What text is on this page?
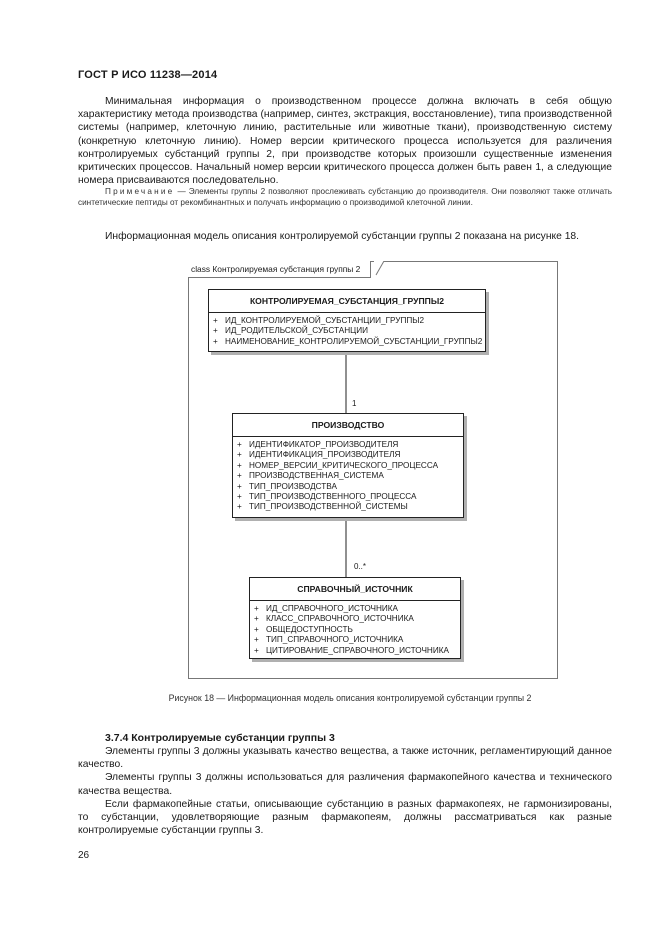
ГОСТ Р ИСО 11238—2014
Минимальная информация о производственном процессе должна включать в себя общую характеристику метода производства (например, синтез, экстракция, восстановление), типа производственной системы (например, клеточную линию, растительные или животные ткани), производственную систему (конкретную клеточную линию). Номер версии критического процесса используется для различения контролируемых субстанций группы 2, при производстве которых произошли существенные изменения критических процессов. Начальный номер версии критического процесса должен быть равен 1, а следующие номера присваиваются последовательно.
Примечание — Элементы группы 2 позволяют прослеживать субстанцию до производителя. Они позволяют также отличать синтетические пептиды от рекомбинантных и получать информацию о производимой клеточной линии.
Информационная модель описания контролируемой субстанции группы 2 показана на рисунке 18.
class Контролируемая субстанция группы 2
КОНТРОЛИРУЕМАЯ_СУБСТАНЦИЯ_ГРУППЫ2
+ ИД_КОНТРОЛИРУЕМОЙ_СУБСТАНЦИИ_ГРУППЫ2
+ ИД_РОДИТЕЛЬСКОЙ_СУБСТАНЦИИ
+ НАИМЕНОВАНИЕ_КОНТРОЛИРУЕМОЙ_СУБСТАНЦИИ_ГРУППЫ2
1
ПРОИЗВОДСТВО
+ ИДЕНТИФИКАТОР_ПРОИЗВОДИТЕЛЯ
+ ИДЕНТИФИКАЦИЯ_ПРОИЗВОДИТЕЛЯ
+ НОМЕР_ВЕРСИИ_КРИТИЧЕСКОГО_ПРОЦЕССА
+ ПРОИЗВОДСТВЕННАЯ_СИСТЕМА
+ ТИП_ПРОИЗВОДСТВА
+ ТИП_ПРОИЗВОДСТВЕННОГО_ПРОЦЕССА
+ ТИП_ПРОИЗВОДСТВЕННОЙ_СИСТЕМЫ
0..*
СПРАВОЧНЫЙ_ИСТОЧНИК
+ ИД_СПРАВОЧНОГО_ИСТОЧНИКА
+ КЛАСС_СПРАВОЧНОГО_ИСТОЧНИКА
+ ОБЩЕДОСТУПНОСТЬ
+ ТИП_СПРАВОЧНОГО_ИСТОЧНИКА
+ ЦИТИРОВАНИЕ_СПРАВОЧНОГО_ИСТОЧНИКА
Рисунок 18 — Информационная модель описания контролируемой субстанции группы 2
3.7.4 Контролируемые субстанции группы 3
Элементы группы 3 должны указывать качество вещества, а также источник, регламентирующий данное качество.
Элементы группы 3 должны использоваться для различения фармакопейного качества и технического качества вещества.
Если фармакопейные статьи, описывающие субстанцию в разных фармакопеях, не гармонизированы, то субстанции, удовлетворяющие разным фармакопеям, должны рассматриваться как разные контролируемые субстанции группы 3.
26
